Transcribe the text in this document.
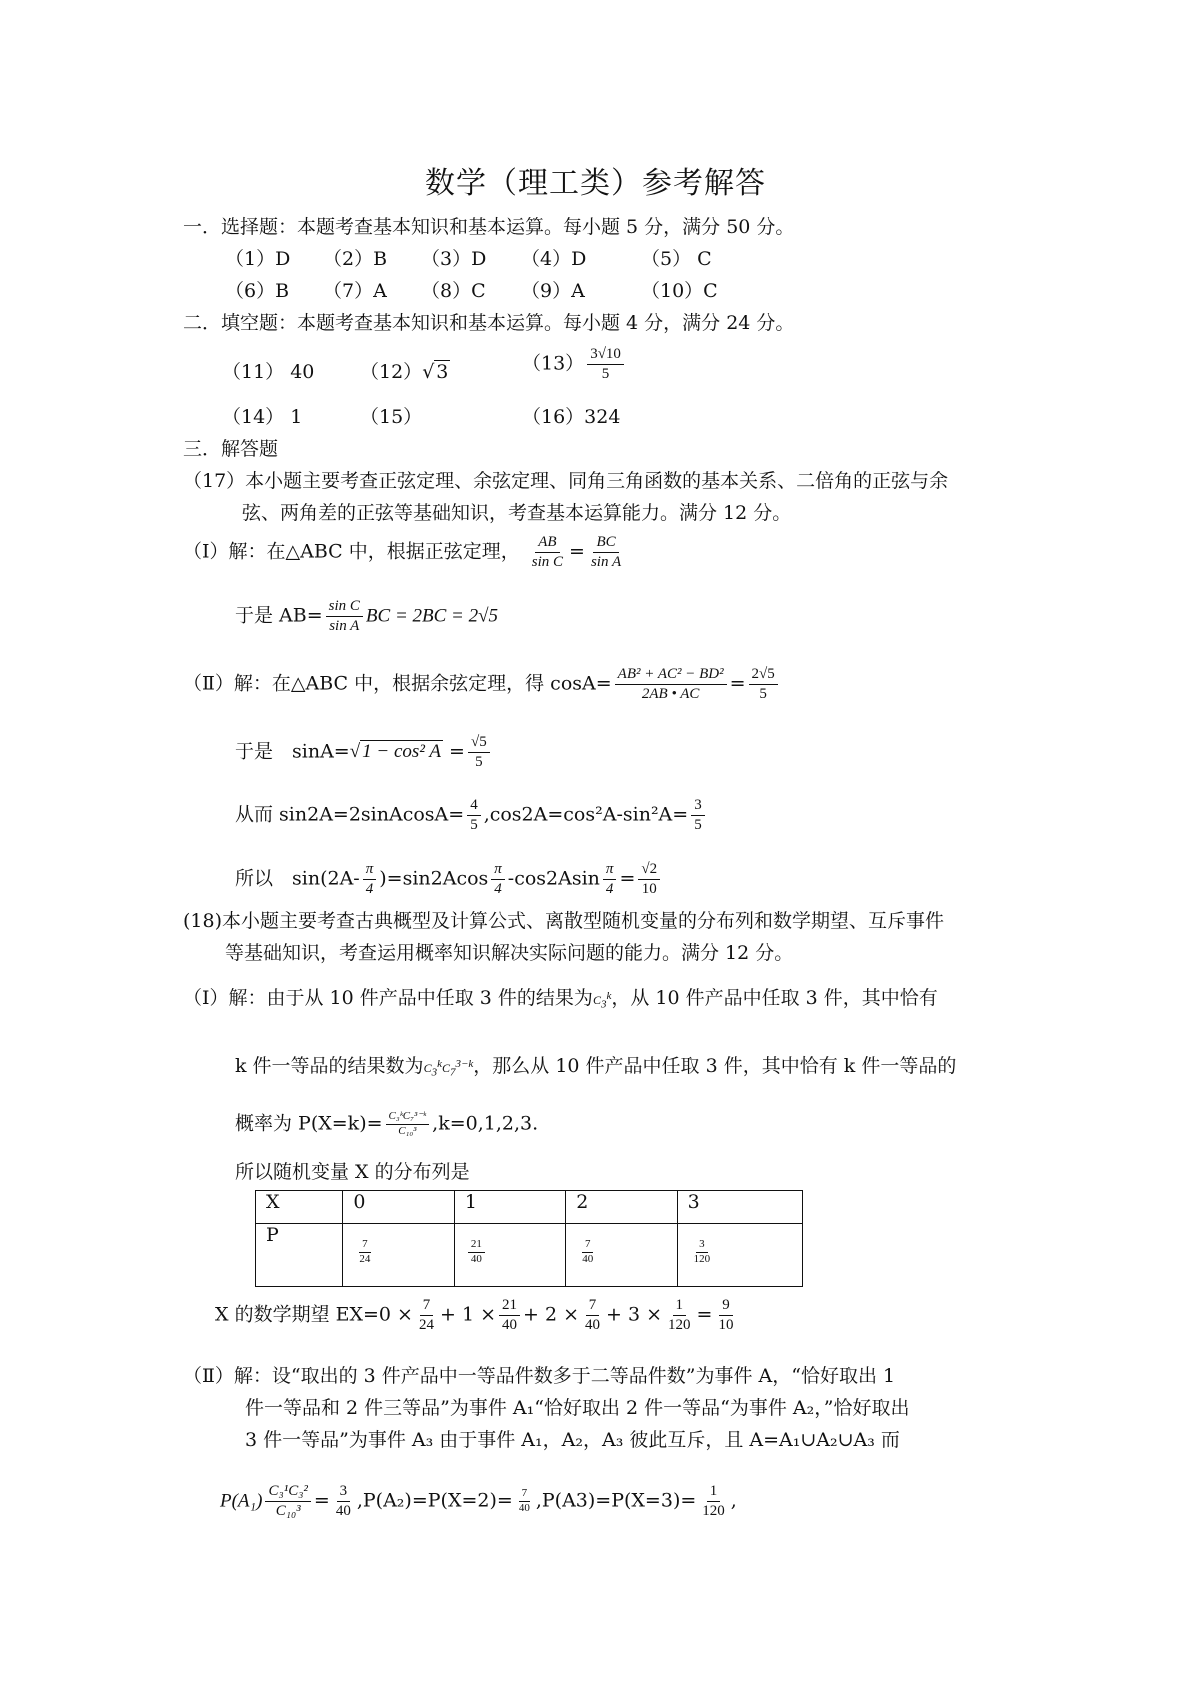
数学（理工类）参考解答
一．选择题：本题考查基本知识和基本运算。每小题 5 分，满分 50 分。
（1）D （2）B （3）D （4）D	（5） C
（6）B （7）A （8）C （9）A	（10）C
二．填空题：本题考查基本知识和基本运算。每小题 4 分，满分 24 分。
（11） 40 （12）√ 3	$(13) \frac{3√10}{5}$
（14） 1	（15）	（16）324
三．解答题
（17）本小题主要考查正弦定理、余弦定理、同角三角函数的基本关系、二倍角的正弦与余
弦、两角差的正弦等基础知识，考查基本运算能力。满分 12 分。
（Ⅰ）解：在△ABC 中，根据正弦定理， $\frac{AB}{\text{sin C}} = \frac{BC}{\text{sin A}}$
于是 $AB= \frac{\text{sin C}}{\text{sin A}}$ BC = 2BC = 2√5
（Ⅱ）解：在△ABC 中，根据余弦定理，得 $\cos A= \frac{\text{AB² + AC² − BD²}}{2AB • AC} = \frac{2√5}{5}$
于是　sinA=√ 1 − cos² $A = \frac{√5}{5}$
从而 sin2A=2sinAcosA= $\frac{4}{5} ,\cos 2A=\cos^2A-\sin^2A= \frac{3}{5}$
所以　$\sin(2A- \frac{\pi}{4} )=\sin 2Acos \frac{\pi}{4} -\cos 2Asin \frac{\pi}{4} = \frac{√2}{10}$
(18)本小题主要考查古典概型及计算公式、离散型随机变量的分布列和数学期望、互斥事件
等基础知识，考查运用概率知识解决实际问题的能力。满分 12 分。
（Ⅰ）解：由于从 10 件产品中任取 3 件的结果为$C_3^k$，从 10 件产品中任取 3 件，其中恰有
k 件一等品的结果数为$C_3^kC_7^{3-k}$，那么从 10 件产品中任取 3 件，其中恰有 k 件一等品的
概率为 $P(X=k)= \frac{\text{C₃ᵏC₇³⁻ᵏ}}{\text{C₁₀³}} ,k=0,1,2,3$.
所以随机变量 X 的分布列是
X	0	1	2	3
P	$\frac{7}{24}$	$\frac{21}{40}$	$\frac{7}{40}$	$\frac{3}{120}$
X 的数学期望 $EX=0 \times \frac{7}{24} + 1 \times \frac{21}{40} + 2 \times \frac{7}{40} + 3 \times \frac{1}{120} = \frac{9}{10}$
（Ⅱ）解：设“取出的 3 件产品中一等品件数多于二等品件数”为事件 A，“恰好取出 1
件一等品和 2 件三等品”为事件 A₁“恰好取出 2 件一等品“为事件 A₂，”恰好取出
3 件一等品”为事件 A₃ 由于事件 A₁，A₂，A₃ 彼此互斥，且 A=A₁∪A₂∪A₃ 而
$P(A_1) \frac{\text{C₃¹C₃²}}{\text{C₁₀³}} = \frac{3}{40} ,P(A_2)=P(X=2)= \frac{7}{40} ,P(A3)=P(X=3)= \frac{1}{120}$ ,
